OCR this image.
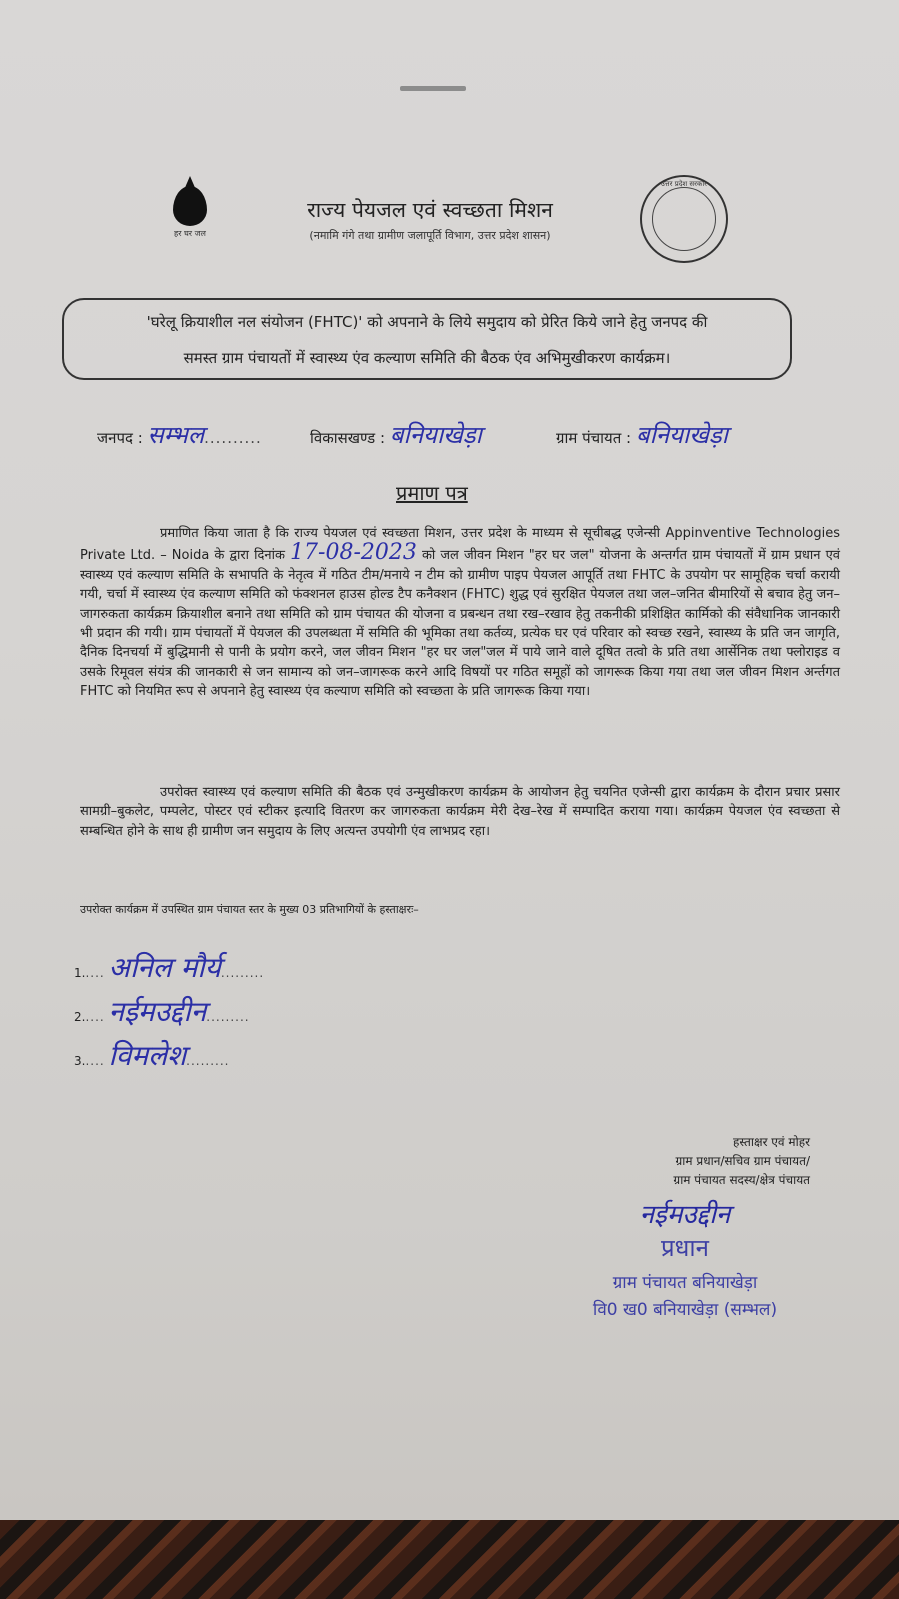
हर घर जल
राज्य पेयजल एवं स्वच्छता मिशन
(नमामि गंगे तथा ग्रामीण जलापूर्ति विभाग, उत्तर प्रदेश शासन)
उत्तर प्रदेश सरकार
'घरेलू क्रियाशील नल संयोजन (FHTC)' को अपनाने के लिये समुदाय को प्रेरित किये जाने हेतु जनपद की
समस्त ग्राम पंचायतों में स्वास्थ्य एंव कल्याण समिति की बैठक एंव अभिमुखीकरण कार्यक्रम।
जनपद : सम्भल..........	विकासखण्ड : बनियाखेड़ा	ग्राम पंचायत : बनियाखेड़ा
प्रमाण पत्र

प्रमाणित किया जाता है कि राज्य पेयजल एवं स्वच्छता मिशन, उत्तर प्रदेश के माध्यम से सूचीबद्ध एजेन्सी Appinventive Technologies Private Ltd. – Noida के द्वारा दिनांक 17-08-2023 को जल जीवन मिशन "हर घर जल" योजना के अन्तर्गत ग्राम पंचायतों में ग्राम प्रधान एवं स्वास्थ्य एवं कल्याण समिति के सभापति के नेतृत्व में गठित टीम/मनाये न टीम को ग्रामीण पाइप पेयजल आपूर्ति तथा FHTC के उपयोग पर सामूहिक चर्चा करायी गयी, चर्चा में स्वास्थ्य एंव कल्याण समिति को फंक्शनल हाउस होल्ड टैप कनैक्शन (FHTC) शुद्ध एवं सुरक्षित पेयजल तथा जल–जनित बीमारियों से बचाव हेतु जन–जागरुकता कार्यक्रम क्रियाशील बनाने तथा समिति को ग्राम पंचायत की योजना व प्रबन्धन तथा रख–रखाव हेतु तकनीकी प्रशिक्षित कार्मिको की संवैधानिक जानकारी भी प्रदान की गयी। ग्राम पंचायतों में पेयजल की उपलब्धता में समिति की भूमिका तथा कर्तव्य, प्रत्येक घर एवं परिवार को स्वच्छ रखने, स्वास्थ्य के प्रति जन जागृति, दैनिक दिनचर्या में बुद्धिमानी से पानी के प्रयोग करने, जल जीवन मिशन "हर घर जल"जल में पाये जाने वाले दूषित तत्वो के प्रति तथा आर्सेनिक तथा फ्लोराइड व उसके रिमूवल संयंत्र की जानकारी से जन सामान्य को जन–जागरूक करने आदि विषयों पर गठित समूहों को जागरूक किया गया तथा जल जीवन मिशन अर्न्तगत FHTC को नियमित रूप से अपनाने हेतु स्वास्थ्य एंव कल्याण समिति को स्वच्छता के प्रति जागरूक किया गया।

उपरोक्त स्वास्थ्य एवं कल्याण समिति की बैठक एवं उन्मुखीकरण कार्यक्रम के आयोजन हेतु चयनित एजेन्सी द्वारा कार्यक्रम के दौरान प्रचार प्रसार सामग्री–बुकलेट, पम्पलेट, पोस्टर एवं स्टीकर इत्यादि वितरण कर जागरुकता कार्यक्रम मेरी देख–रेख में सम्पादित कराया गया। कार्यक्रम पेयजल एंव स्वच्छता से सम्बन्धित होने के साथ ही ग्रामीण जन समुदाय के लिए अत्यन्त उपयोगी एंव लाभप्रद रहा।

उपरोक्त कार्यक्रम में उपस्थित ग्राम पंचायत स्तर के मुख्य 03 प्रतिभागियों के हस्ताक्षरः–
1..... अनिल मौर्य.........
2..... नईमउद्दीन.........
3..... विमलेश.........
हस्ताक्षर एवं मोहर
ग्राम प्रधान/सचिव ग्राम पंचायत/
ग्राम पंचायत सदस्य/क्षेत्र पंचायत
नईमउद्दीन
प्रधान
ग्राम पंचायत बनियाखेड़ा
वि0 ख0 बनियाखेड़ा (सम्भल)
